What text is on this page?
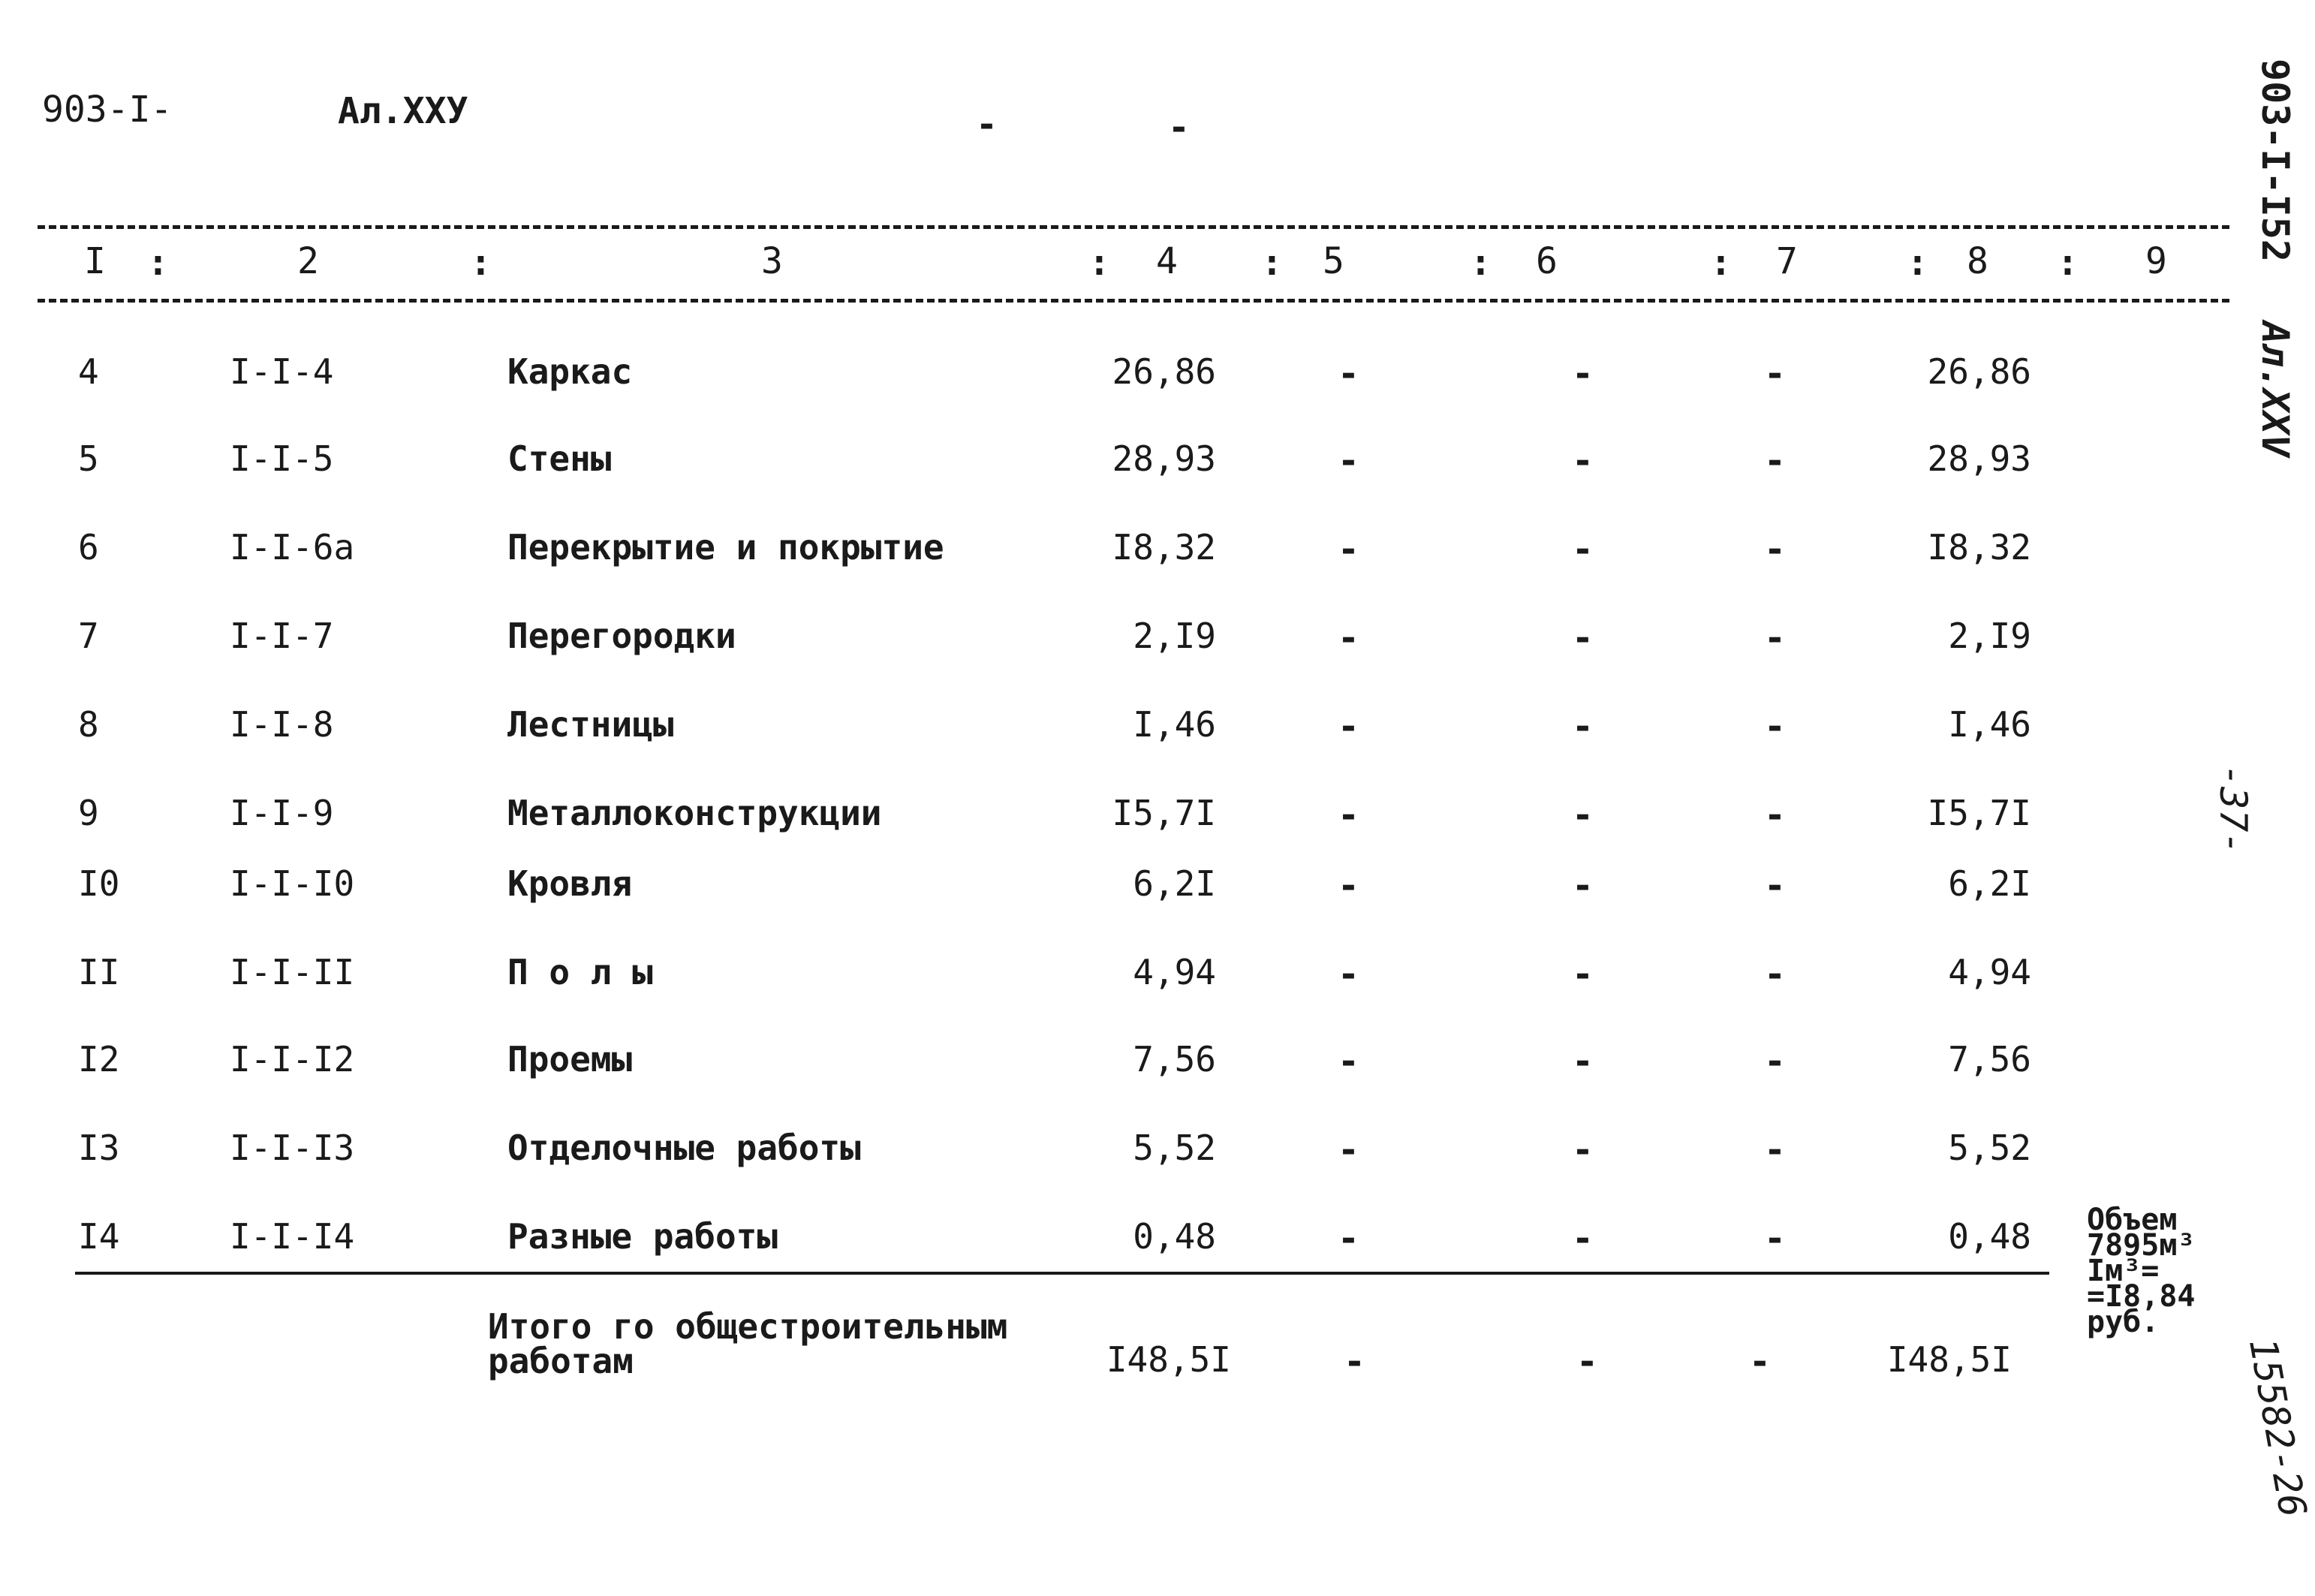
903-I-	Ал.XXУ	-	-
I	2	3	4	5	6	7	8	9
:	:	:	:	:	:	:	:
4	I-I-4	Каркас	26,86	-	-	-	26,86
5	I-I-5	Стены	28,93	-	-	-	28,93
6	I-I-6а	Перекрытие и покрытие	I8,32	-	-	-	I8,32
7	I-I-7	Перегородки	2,I9	-	-	-	2,I9
8	I-I-8	Лестницы	I,46	-	-	-	I,46
9	I-I-9	Металлоконструкции	I5,7I	-	-	-	I5,7I
I0	I-I-I0	Кровля	6,2I	-	-	-	6,2I
II	I-I-II	П о л ы	4,94	-	-	-	4,94
I2	I-I-I2	Проемы	7,56	-	-	-	7,56
I3	I-I-I3	Отделочные работы	5,52	-	-	-	5,52
I4	I-I-I4	Разные работы	0,48	-	-	-	0,48
Итого го общестроительным
работам	I48,5I	-	-	-	I48,5I
Объем
7895м³
Iм³=
=I8,84
руб.
903-I-I52
Ал.XXV
-37-
15582-26
